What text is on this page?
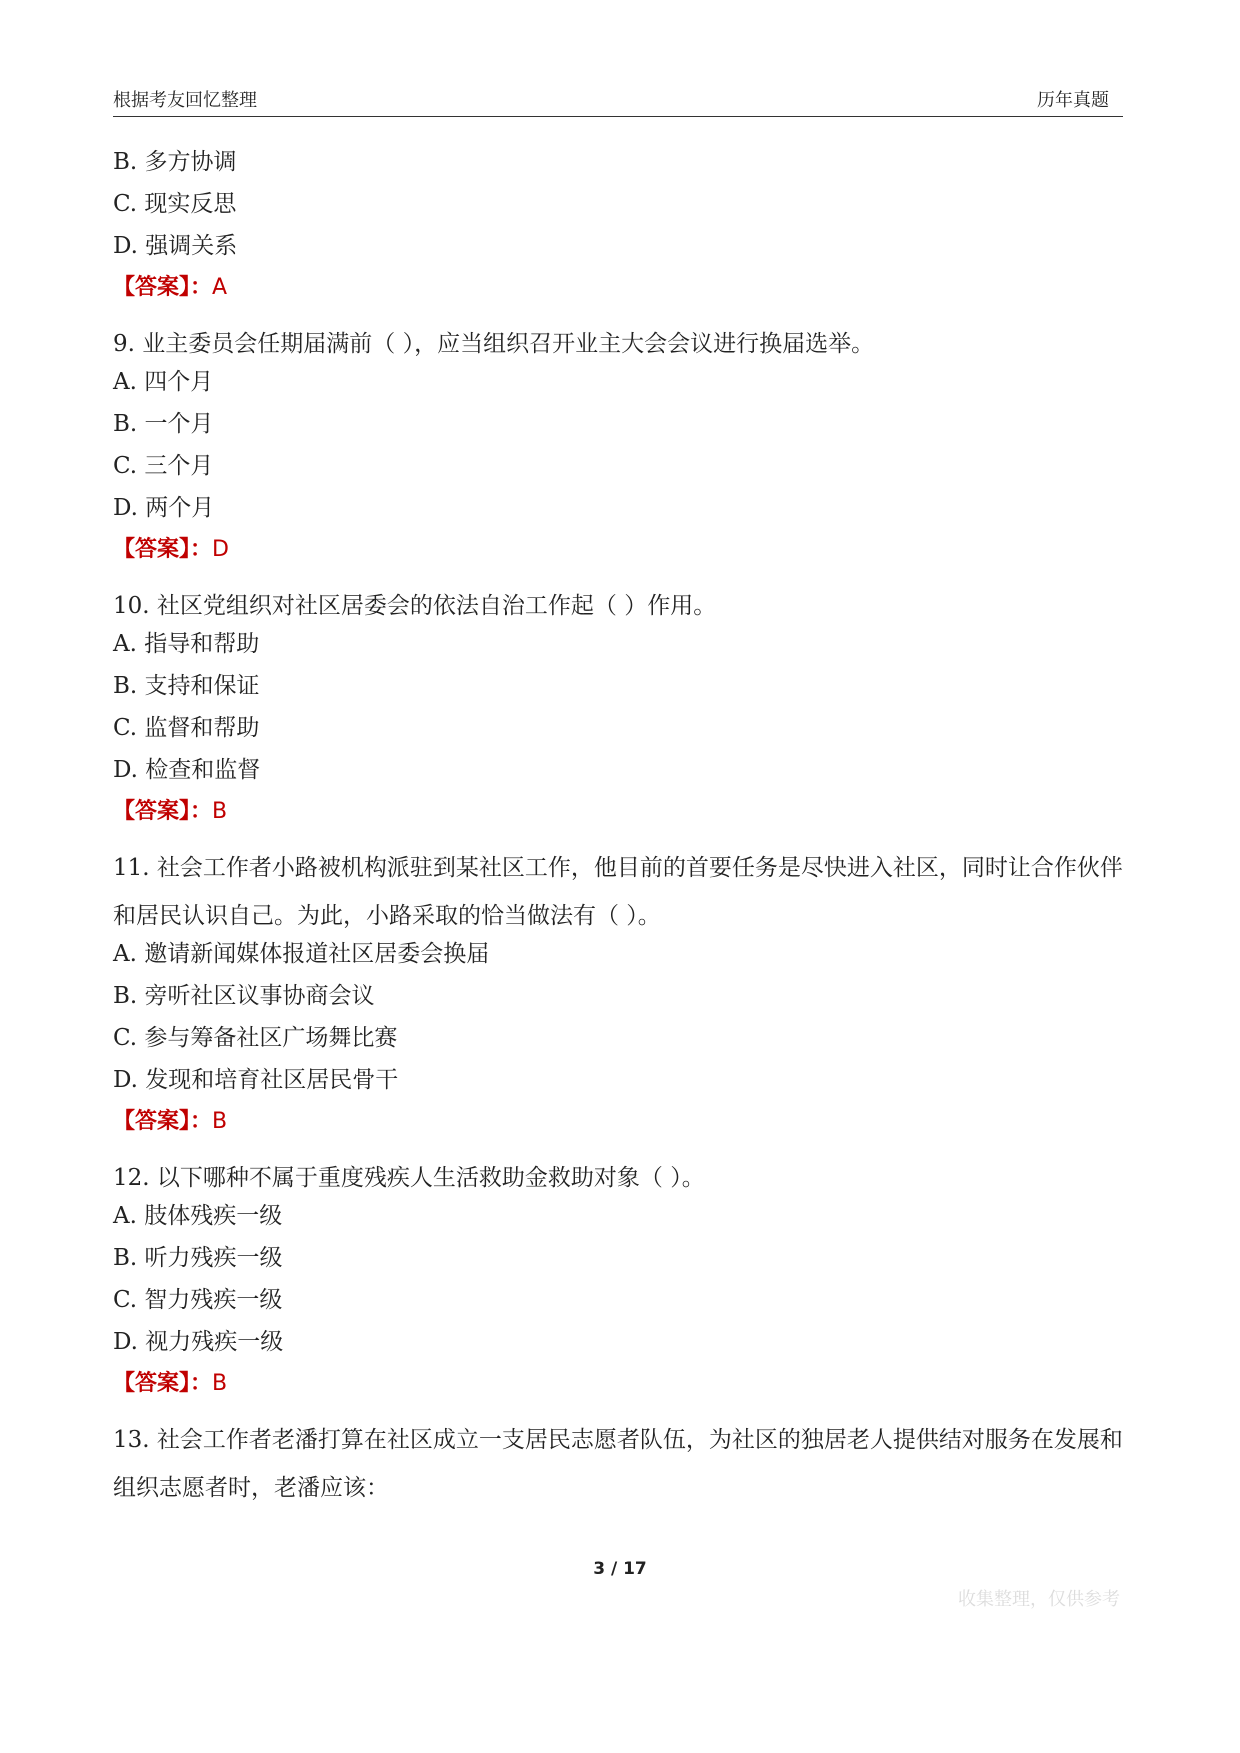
根据考友回忆整理	历年真题
B. 多方协调
C. 现实反思
D. 强调关系
【答案】：A
9. 业主委员会任期届满前（ ），应当组织召开业主大会会议进行换届选举。
A. 四个月
B. 一个月
C. 三个月
D. 两个月
【答案】：D
10. 社区党组织对社区居委会的依法自治工作起（ ）作用。
A. 指导和帮助
B. 支持和保证
C. 监督和帮助
D. 检查和监督
【答案】：B
11. 社会工作者小路被机构派驻到某社区工作，他目前的首要任务是尽快进入社区，同时让合作伙伴和居民认识自己。为此，小路采取的恰当做法有（ ）。
A. 邀请新闻媒体报道社区居委会换届
B. 旁听社区议事协商会议
C. 参与筹备社区广场舞比赛
D. 发现和培育社区居民骨干
【答案】：B
12. 以下哪种不属于重度残疾人生活救助金救助对象（ ）。
A. 肢体残疾一级
B. 听力残疾一级
C. 智力残疾一级
D. 视力残疾一级
【答案】：B
13. 社会工作者老潘打算在社区成立一支居民志愿者队伍，为社区的独居老人提供结对服务在发展和组织志愿者时，老潘应该：
3 / 17
收集整理，仅供参考
